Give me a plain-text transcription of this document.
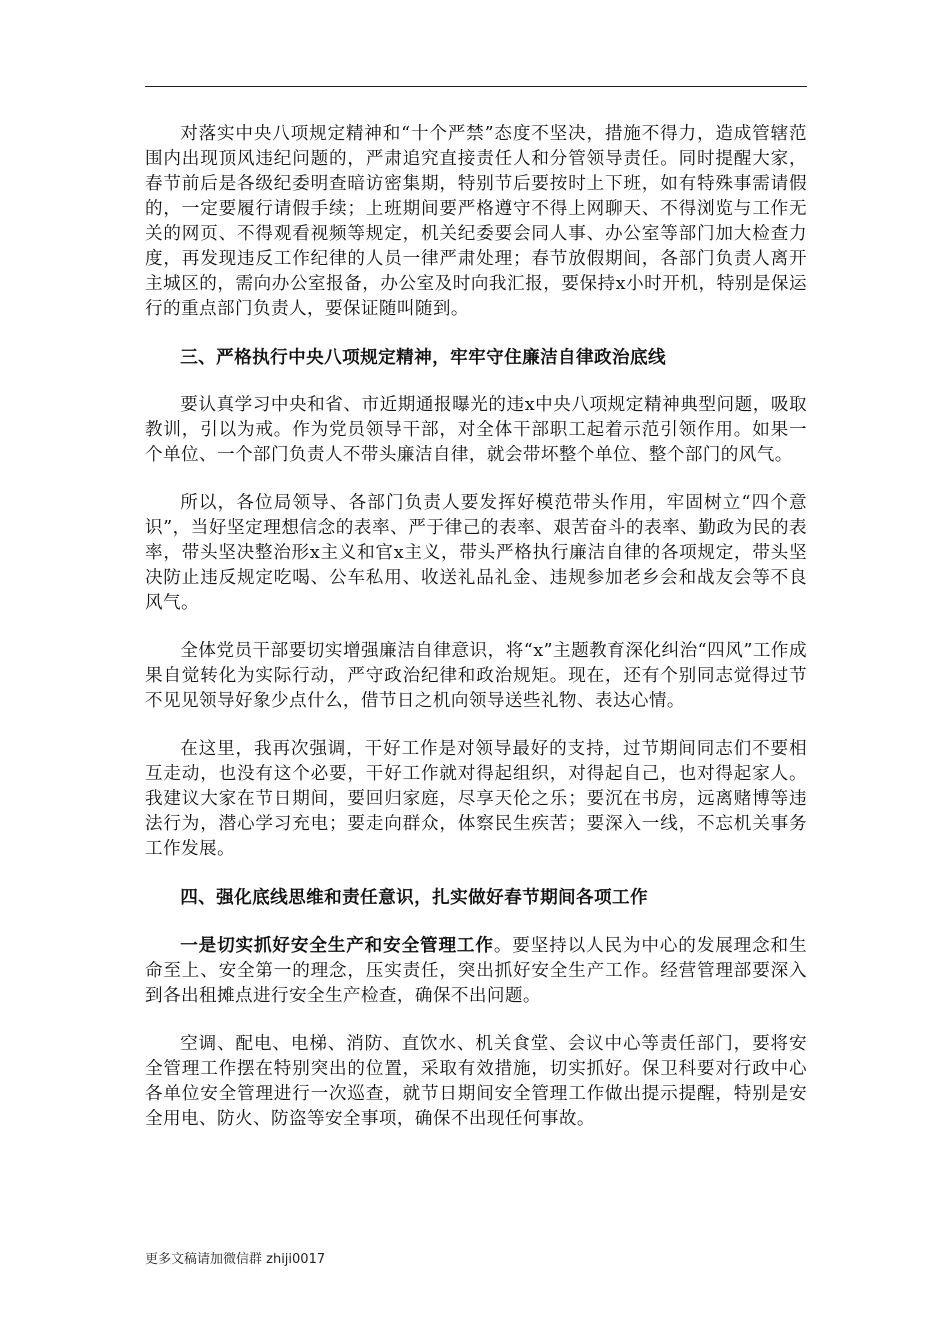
对落实中央八项规定精神和“十个严禁”态度不坚决，措施不得力，造成管辖范围内出现顶风违纪问题的，严肃追究直接责任人和分管领导责任。同时提醒大家，春节前后是各级纪委明查暗访密集期，特别节后要按时上下班，如有特殊事需请假的，一定要履行请假手续；上班期间要严格遵守不得上网聊天、不得浏览与工作无关的网页、不得观看视频等规定，机关纪委要会同人事、办公室等部门加大检查力度，再发现违反工作纪律的人员一律严肃处理；春节放假期间，各部门负责人离开主城区的，需向办公室报备，办公室及时向我汇报，要保持x小时开机，特别是保运行的重点部门负责人，要保证随叫随到。

三、严格执行中央八项规定精神，牢牢守住廉洁自律政治底线

要认真学习中央和省、市近期通报曝光的违x中央八项规定精神典型问题，吸取教训，引以为戒。作为党员领导干部，对全体干部职工起着示范引领作用。如果一个单位、一个部门负责人不带头廉洁自律，就会带坏整个单位、整个部门的风气。

所以，各位局领导、各部门负责人要发挥好模范带头作用，牢固树立“四个意识”，当好坚定理想信念的表率、严于律己的表率、艰苦奋斗的表率、勤政为民的表率，带头坚决整治形x主义和官x主义，带头严格执行廉洁自律的各项规定，带头坚决防止违反规定吃喝、公车私用、收送礼品礼金、违规参加老乡会和战友会等不良风气。

全体党员干部要切实增强廉洁自律意识，将“x”主题教育深化纠治“四风”工作成果自觉转化为实际行动，严守政治纪律和政治规矩。现在，还有个别同志觉得过节不见见领导好象少点什么，借节日之机向领导送些礼物、表达心情。

在这里，我再次强调，干好工作是对领导最好的支持，过节期间同志们不要相互走动，也没有这个必要，干好工作就对得起组织，对得起自己，也对得起家人。我建议大家在节日期间，要回归家庭，尽享天伦之乐；要沉在书房，远离赌博等违法行为，潜心学习充电；要走向群众，体察民生疾苦；要深入一线，不忘机关事务工作发展。

四、强化底线思维和责任意识，扎实做好春节期间各项工作

一是切实抓好安全生产和安全管理工作。要坚持以人民为中心的发展理念和生命至上、安全第一的理念，压实责任，突出抓好安全生产工作。经营管理部要深入到各出租摊点进行安全生产检查，确保不出问题。

空调、配电、电梯、消防、直饮水、机关食堂、会议中心等责任部门，要将安全管理工作摆在特别突出的位置，采取有效措施，切实抓好。保卫科要对行政中心各单位安全管理进行一次巡查，就节日期间安全管理工作做出提示提醒，特别是安全用电、防火、防盗等安全事项，确保不出现任何事故。

更多文稿请加微信群 zhiji0017
